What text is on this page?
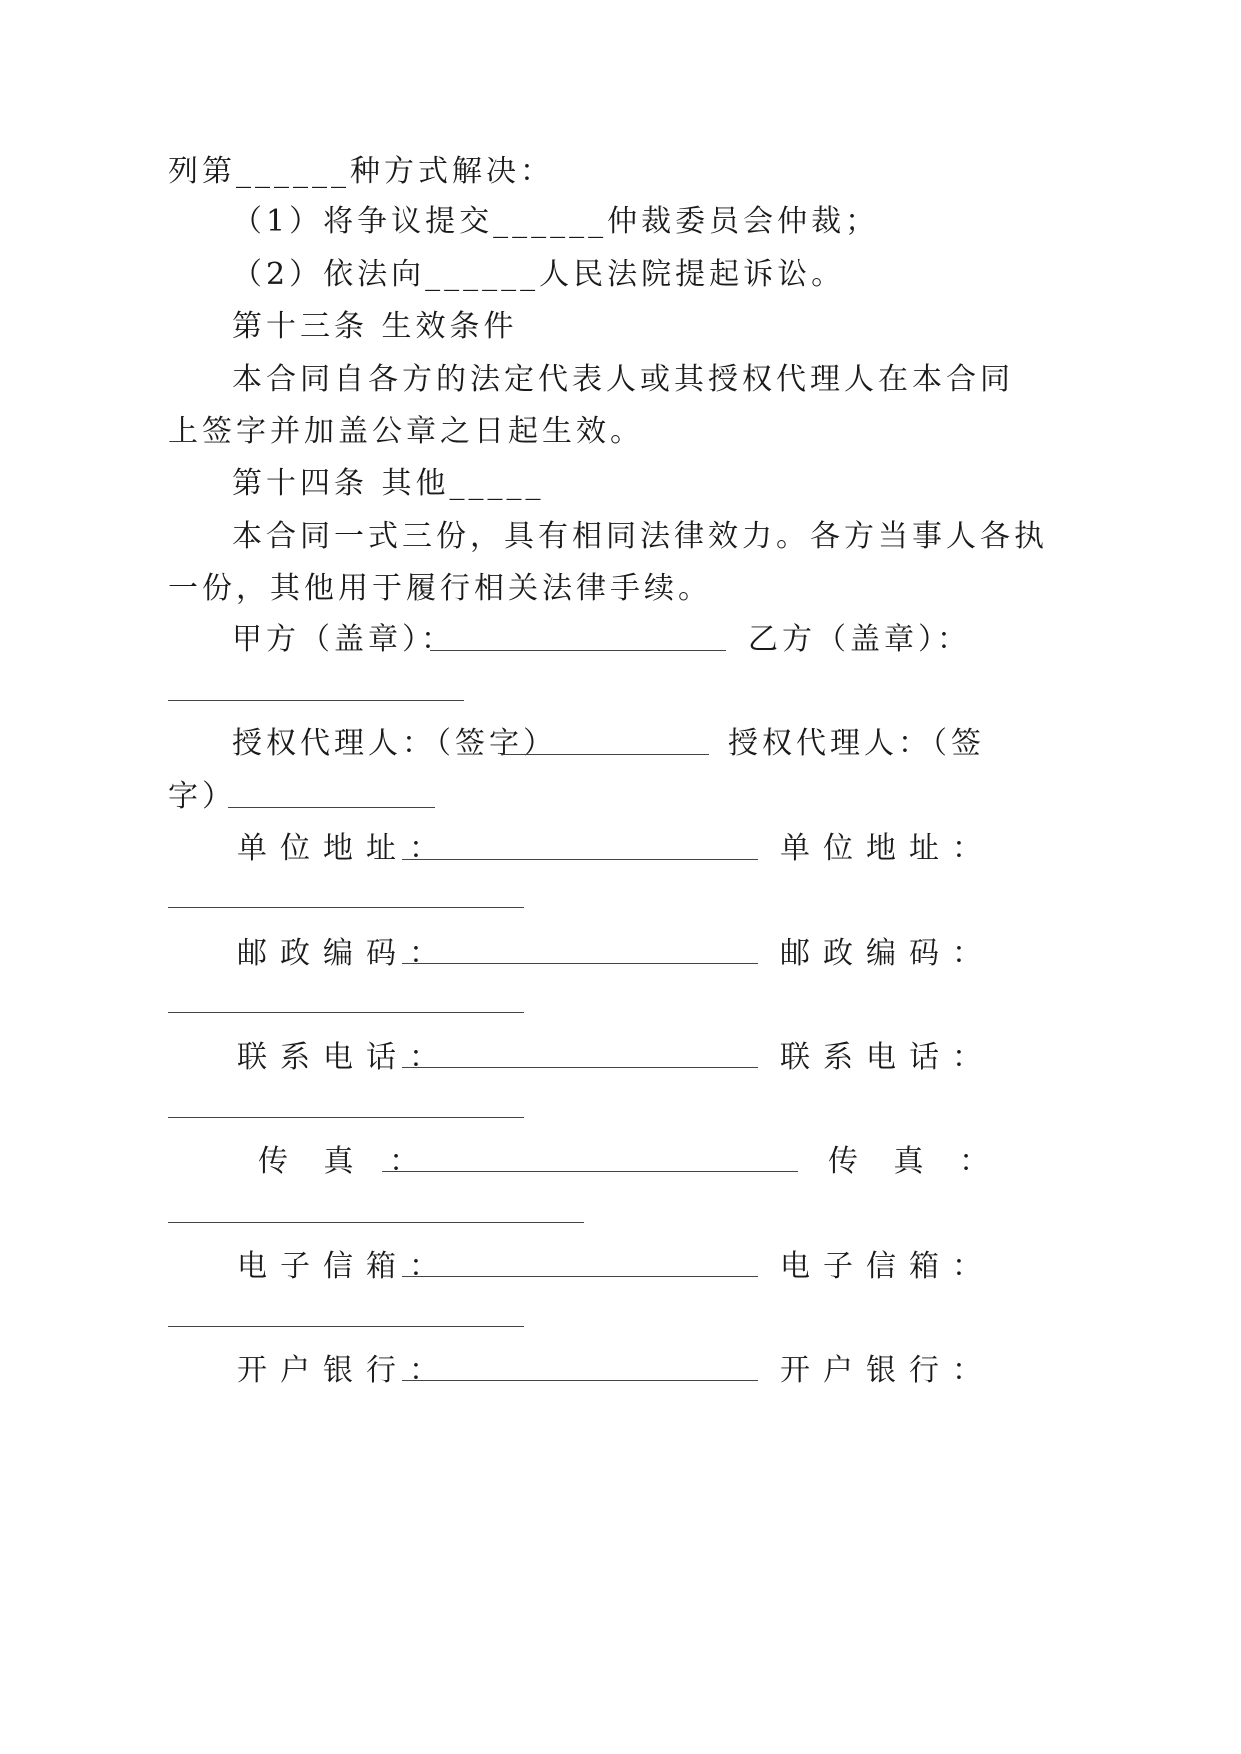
列第______种方式解决：
（1）将争议提交______仲裁委员会仲裁；
（2）依法向______人民法院提起诉讼。
第十三条 生效条件
本合同自各方的法定代表人或其授权代理人在本合同
上签字并加盖公章之日起生效。
第十四条 其他_____
本合同一式三份，具有相同法律效力。各方当事人各执
一份，其他用于履行相关法律手续。
甲方（盖章）：	乙方（盖章）：
授权代理人：（签字）	授权代理人：（签
字）
单位地址：	单位地址：
邮政编码：	邮政编码：
联系电话：	联系电话：
传 真 ：	传 真 ：
电子信箱：	电子信箱：
开户银行：	开户银行：
